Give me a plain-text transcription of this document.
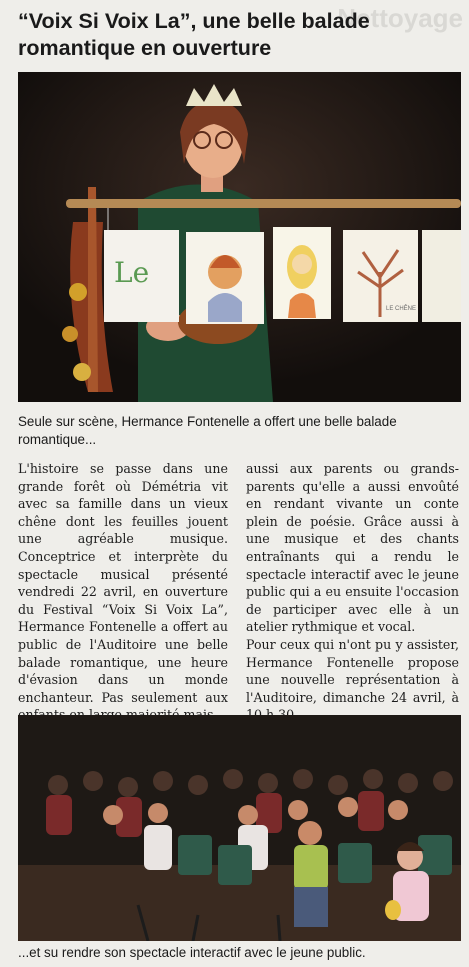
Nettoyage
“Voix Si Voix La”, une belle balade romantique en ouverture
Le
LE CHÊNE

Seule sur scène, Hermance Fontenelle a offert une belle balade romantique...

L'histoire se passe dans une grande forêt où Démétria vit avec sa famille dans un vieux chêne dont les feuilles jouent une agréable musique. Conceptrice et interprète du spectacle musical présenté vendredi 22 avril, en ouverture du Festival “Voix Si Voix La”, Hermance Fontenelle a offert au public de l'Auditoire une belle balade romantique, une heure d'évasion dans un monde enchanteur. Pas seulement aux

aussi aux parents ou grands-parents qu'elle a aussi envoûté en rendant vivante un conte plein de poésie. Grâce aussi à une musique et des chants entraînants qui a rendu le spectacle interactif avec le jeune public qui a eu ensuite l'occasion de participer avec elle à un atelier rythmique et vocal.

Pour ceux qui n'ont pu y assister, Hermance Fontenelle propose une nouvelle représentation à l'Auditoire, dimanche 24 avril, à

...et su rendre son spectacle interactif avec le jeune public.
